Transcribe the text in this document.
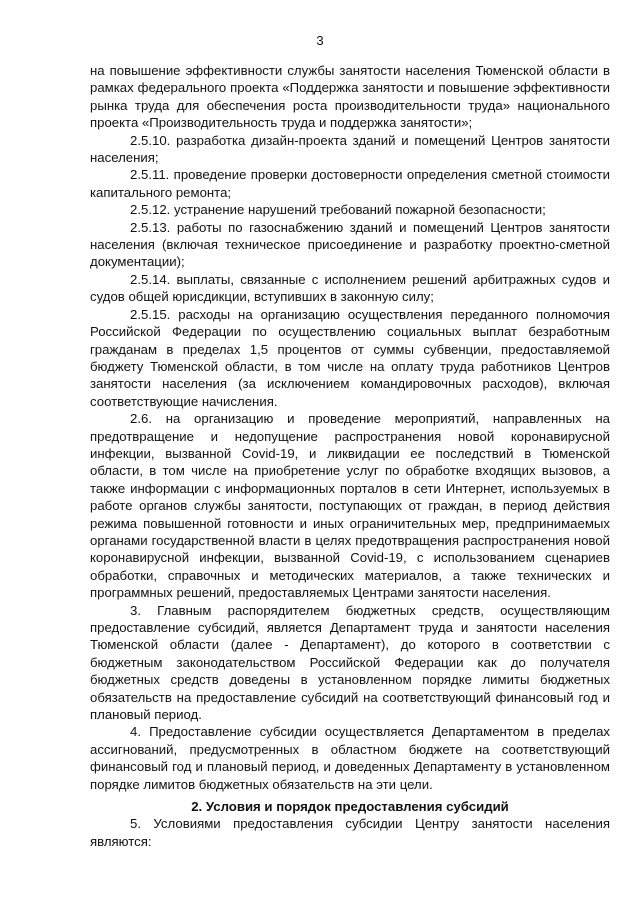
3

на повышение эффективности службы занятости населения Тюменской области в рамках федерального проекта «Поддержка занятости и повышение эффективности рынка труда для обеспечения роста производительности труда» национального проекта «Производительность труда и поддержка занятости»;

2.5.10. разработка дизайн-проекта зданий и помещений Центров занятости населения;

2.5.11. проведение проверки достоверности определения сметной стоимости капитального ремонта;

2.5.12. устранение нарушений требований пожарной безопасности;

2.5.13. работы по газоснабжению зданий и помещений Центров занятости населения (включая техническое присоединение и разработку проектно-сметной документации);

2.5.14. выплаты, связанные с исполнением решений арбитражных судов и судов общей юрисдикции, вступивших в законную силу;

2.5.15. расходы на организацию осуществления переданного полномочия Российской Федерации по осуществлению социальных выплат безработным гражданам в пределах 1,5 процентов от суммы субвенции, предоставляемой бюджету Тюменской области, в том числе на оплату труда работников Центров занятости населения (за исключением командировочных расходов), включая соответствующие начисления.

2.6. на организацию и проведение мероприятий, направленных на предотвращение и недопущение распространения новой коронавирусной инфекции, вызванной Covid-19, и ликвидации ее последствий в Тюменской области, в том числе на приобретение услуг по обработке входящих вызовов, а также информации с информационных порталов в сети Интернет, используемых в работе органов службы занятости, поступающих от граждан, в период действия режима повышенной готовности и иных ограничительных мер, предпринимаемых органами государственной власти в целях предотвращения распространения новой коронавирусной инфекции, вызванной Covid-19, с использованием сценариев обработки, справочных и методических материалов, а также технических и программных решений, предоставляемых Центрами занятости населения.

3. Главным распорядителем бюджетных средств, осуществляющим предоставление субсидий, является Департамент труда и занятости населения Тюменской области (далее - Департамент), до которого в соответствии с бюджетным законодательством Российской Федерации как до получателя бюджетных средств доведены в установленном порядке лимиты бюджетных обязательств на предоставление субсидий на соответствующий финансовый год и плановый период.

4. Предоставление субсидии осуществляется Департаментом в пределах ассигнований, предусмотренных в областном бюджете на соответствующий финансовый год и плановый период, и доведенных Департаменту в установленном порядке лимитов бюджетных обязательств на эти цели.

2. Условия и порядок предоставления субсидий

5. Условиями предоставления субсидии Центру занятости населения являются:
